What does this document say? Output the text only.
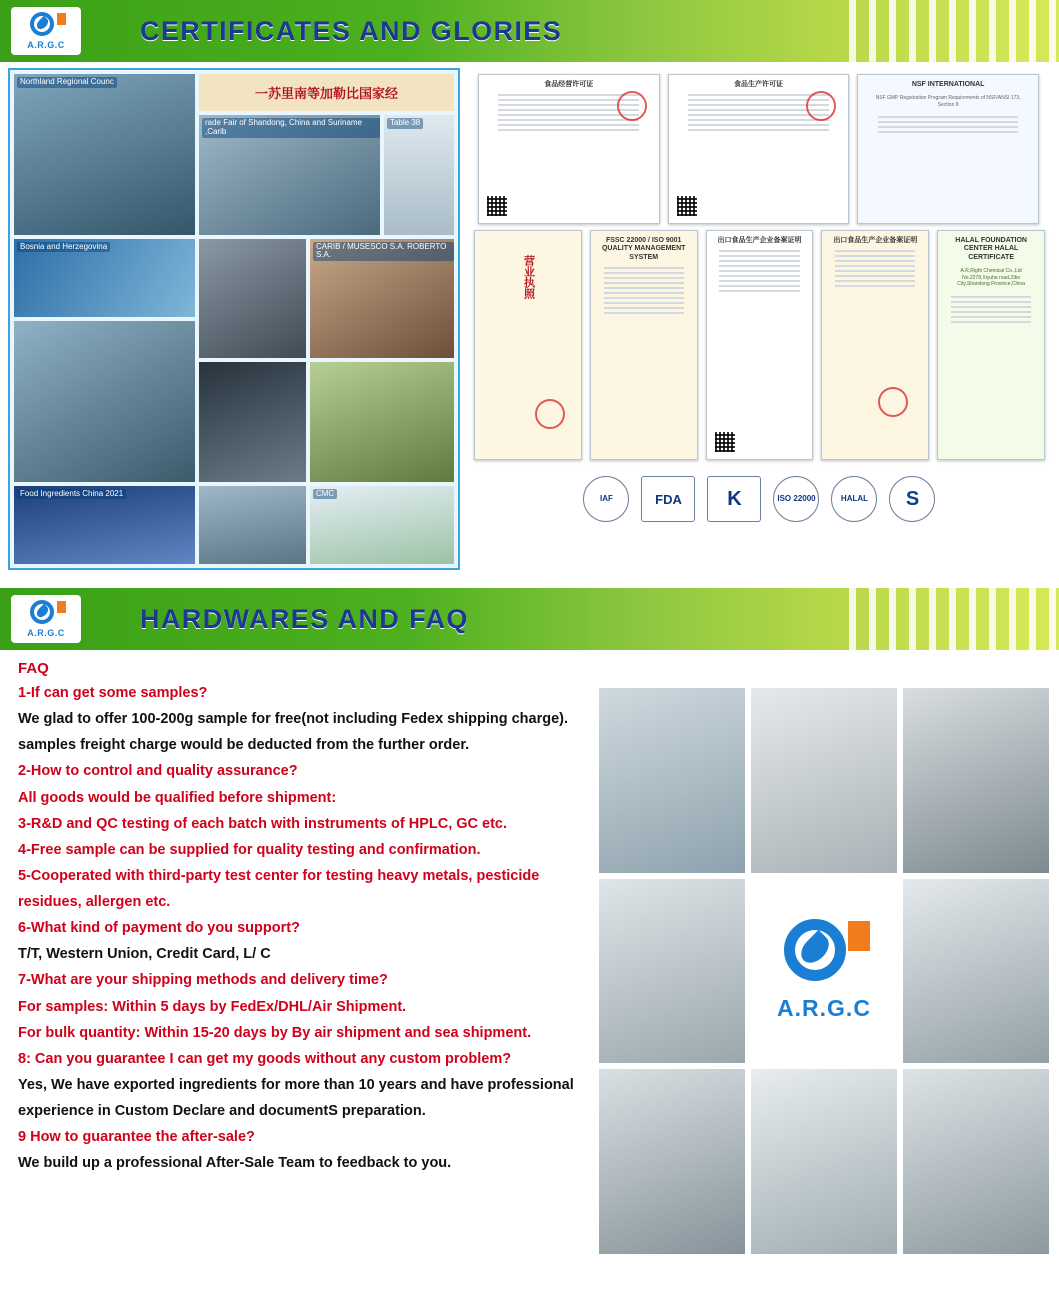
A.R.G.C	CERTIFICATES AND GLORIES
Northland Regional Counc
一苏里南等加勒比国家经
rade Fair of Shandong, China and Suriname ,Carib
Table 38
Bosnia and Herzegovina	CARIB / MUSESCO S.A. ROBERTO S.A.
Food Ingredients China 2021	CMC
食品经营许可证	食品生产许可证	NSF INTERNATIONAL
NSF GMP Registration Program Requirements of NSF/ANSI 173, Section 8
营业执照
FSSC 22000 / ISO 9001 QUALITY MANAGEMENT SYSTEM
出口食品生产企业备案证明	出口食品生产企业备案证明	HALAL FOUNDATION CENTER HALAL CERTIFICATE
A.R.Right Chemical Co.,Ltd No.2278,Xiyuhe road,Zibo City,Shandong Province,China
IAF	FDA	K	ISO 22000	HALAL	S
A.R.G.C	HARDWARES AND FAQ
FAQ

1-If can get some samples?

We glad to offer 100-200g sample for free(not including Fedex shipping charge).

samples freight charge would be deducted from the further order.

2-How to control and quality assurance?

All goods would be qualified before shipment:

3-R&D and QC testing of each batch with instruments of HPLC, GC etc.

4-Free sample can be supplied for quality testing and confirmation.

5-Cooperated with third-party test center for testing heavy metals, pesticide

residues, allergen etc.

6-What kind of payment do you support?

T/T, Western Union, Credit Card, L/ C

7-What are your shipping methods and delivery time?

For samples: Within 5 days by FedEx/DHL/Air Shipment.

For bulk quantity: Within 15-20 days by By air shipment and sea shipment.

8: Can you guarantee I can get my goods without any custom problem?

Yes, We have exported ingredients for more than 10 years and have professional

experience in Custom Declare and documentS preparation.

9 How to guarantee the after-sale?

We build up a professional After-Sale Team to feedback to you.

A.R.G.C
